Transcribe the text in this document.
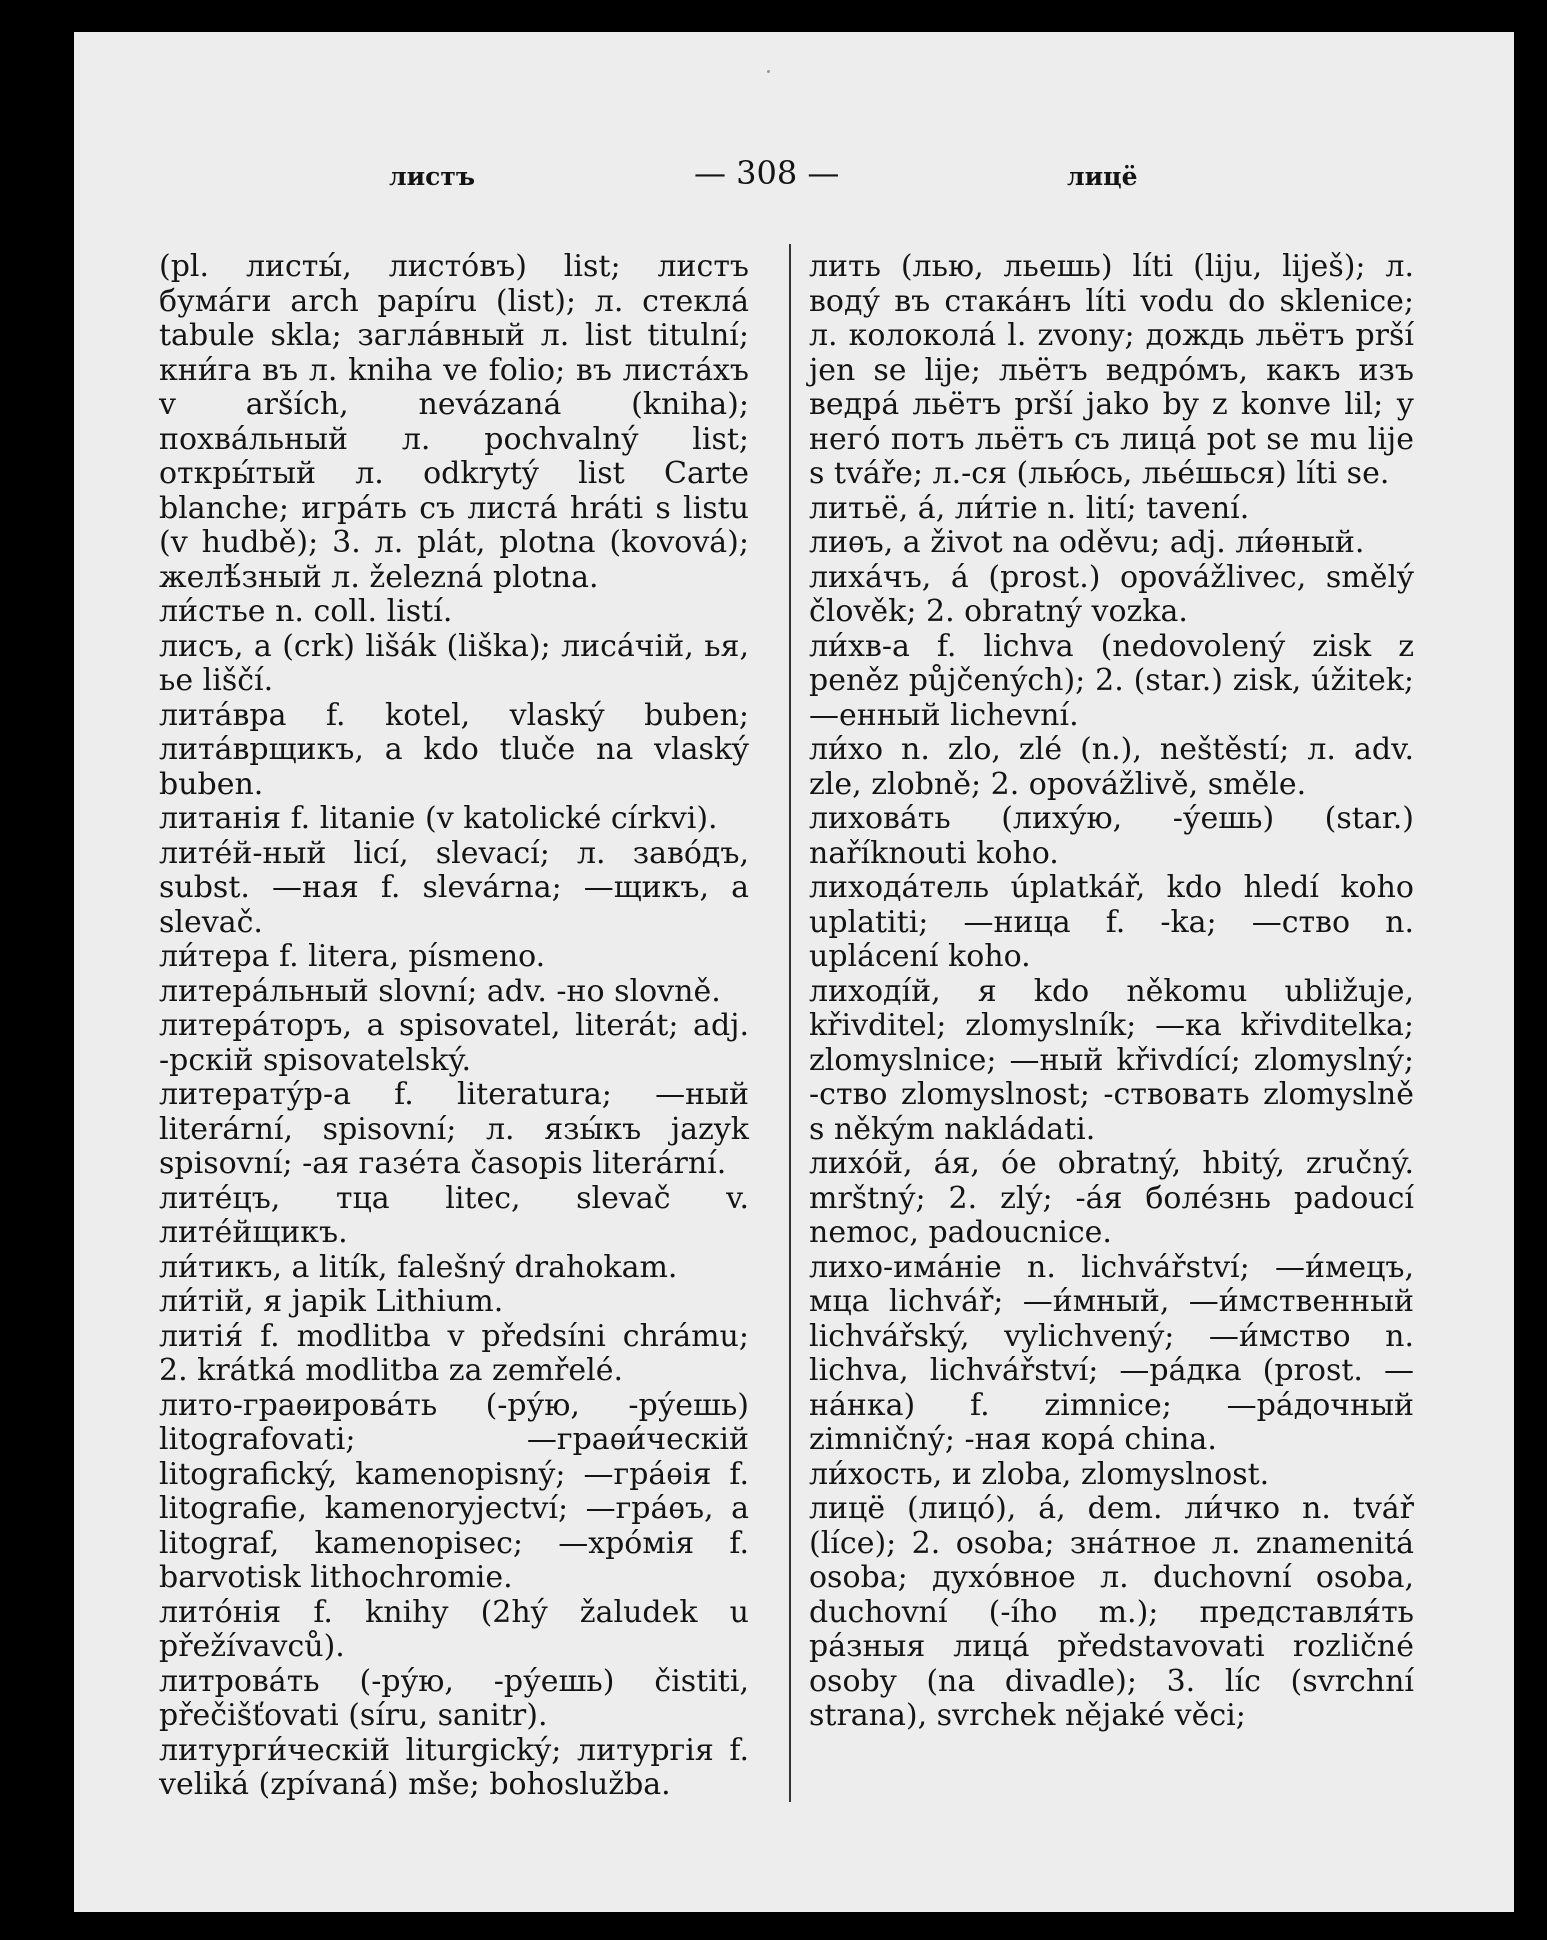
листъ	— 308 —	лицё

(pl. листы́, листо́въ) list; листъ бума́ги arch papíru (list); л. стекла́ tabule skla; загла́вный л. list titulní; кни́га въ л. kniha ve folio; въ листа́хъ v arších, nevázaná (kniha); похва́льный л. pochvalný list; откры́тый л. odkrytý list Carte blanche; игра́ть съ листа́ hráti s listu (v hudbě); 3. л. plát, plotna (kovová); желѣ́зный л. železná plotna.

ли́стье n. coll. listí.

лисъ, а (crk) lišák (liška); лиса́чій, ья, ье liščí.

лита́вра f. kotel, vlaský buben; лита́врщикъ, а kdo tluče na vlaský buben.

литанія f. litanie (v katolické církvi).

лите́й-ный licí, slevací; л. заво́дъ, subst. —ная f. slevárna; —щикъ, а slevač.

ли́тера f. litera, písmeno.

литера́льный slovní; adv. -но slovně.

литера́торъ, а spisovatel, literát; adj. -рскій spisovatelský.

литерату́р-а f. literatura; —ный literární, spisovní; л. язы́къ jazyk spisovní; -ая газе́та časopis literární.

лите́цъ, тца litec, slevač v. лите́йщикъ.

ли́тикъ, а litík, falešný drahokam.

ли́тій, я japik Lithium.

литія́ f. modlitba v předsíni chrámu; 2. krátká modlitba za zemřelé.

лито-граѳирова́ть (-ру́ю, -ру́ешь) litografovati; —граѳи́ческій litografický, kamenopisný; —гра́ѳія f. litografie, kamenoryjectví; —гра́ѳъ, а litograf, kamenopisec; —хро́мія f. barvotisk lithochromie.

лито́нія f. knihy (2hý žaludek u přežívavců).

литрова́ть (-ру́ю, -ру́ешь) čistiti, přečišťovati (síru, sanitr).

литурги́ческій liturgický; литургія f. veliká (zpívaná) mše; bohoslužba.

лить (лью, льешь) líti (liju, liješ); л. воду́ въ стака́нъ líti vodu do sklenice; л. колокола́ l. zvony; дождь льётъ prší jen se lije; льётъ ведро́мъ, какъ изъ ведра́ льётъ prší jako by z konve lil; у него́ потъ льётъ съ лица́ pot se mu lije s tváře; л.-ся (лью́сь, лье́шься) líti se.

литьё, а́, ли́тіе n. lití; tavení.

лиѳъ, а život na oděvu; adj. ли́ѳный.

лиха́чъ, а́ (prost.) opovážlivec, smělý člověk; 2. obratný vozka.

ли́хв-а f. lichva (nedovolený zisk z peněz půjčených); 2. (star.) zisk, úžitek; —енный lichevní.

ли́хо n. zlo, zlé (n.), neštěstí; л. adv. zle, zlobně; 2. opovážlivě, směle.

лихова́ть (лиху́ю, -у́ешь) (star.) naříknouti koho.

лихода́тель úplatkář, kdo hledí koho uplatiti; —ница f. -ka; —ство n. uplácení koho.

лиході́й, я kdo někomu ubližuje, křivditel; zlomyslník; —ка křivditelka; zlomyslnice; —ный křivdící; zlomyslný; -ство zlomyslnost; -ствовать zlomyslně s někým nakládati.

лихо́й, а́я, о́е obratný, hbitý, zručný. mrštný; 2. zlý; -а́я боле́знь padoucí nemoc, padoucnice.

лихо-има́ніе n. lichvářství; —и́мецъ, мца lichvář; —и́мный, —и́мственный lichvářský, vylichvený; —и́мство n. lichva, lichvářství; —ра́дка (prost. —на́нка) f. zimnice; —ра́дочный zimničný; -ная кора́ china.

ли́хость, и zloba, zlomyslnost.

лицё (лицо́), а́, dem. ли́чко n. tvář (líce); 2. osoba; зна́тное л. znamenitá osoba; духо́вное л. duchovní osoba, duchovní (-ího m.); представля́ть ра́зныя лица́ představovati rozličné osoby (na divadle); 3. líc (svrchní strana), svrchek nějaké věci;
